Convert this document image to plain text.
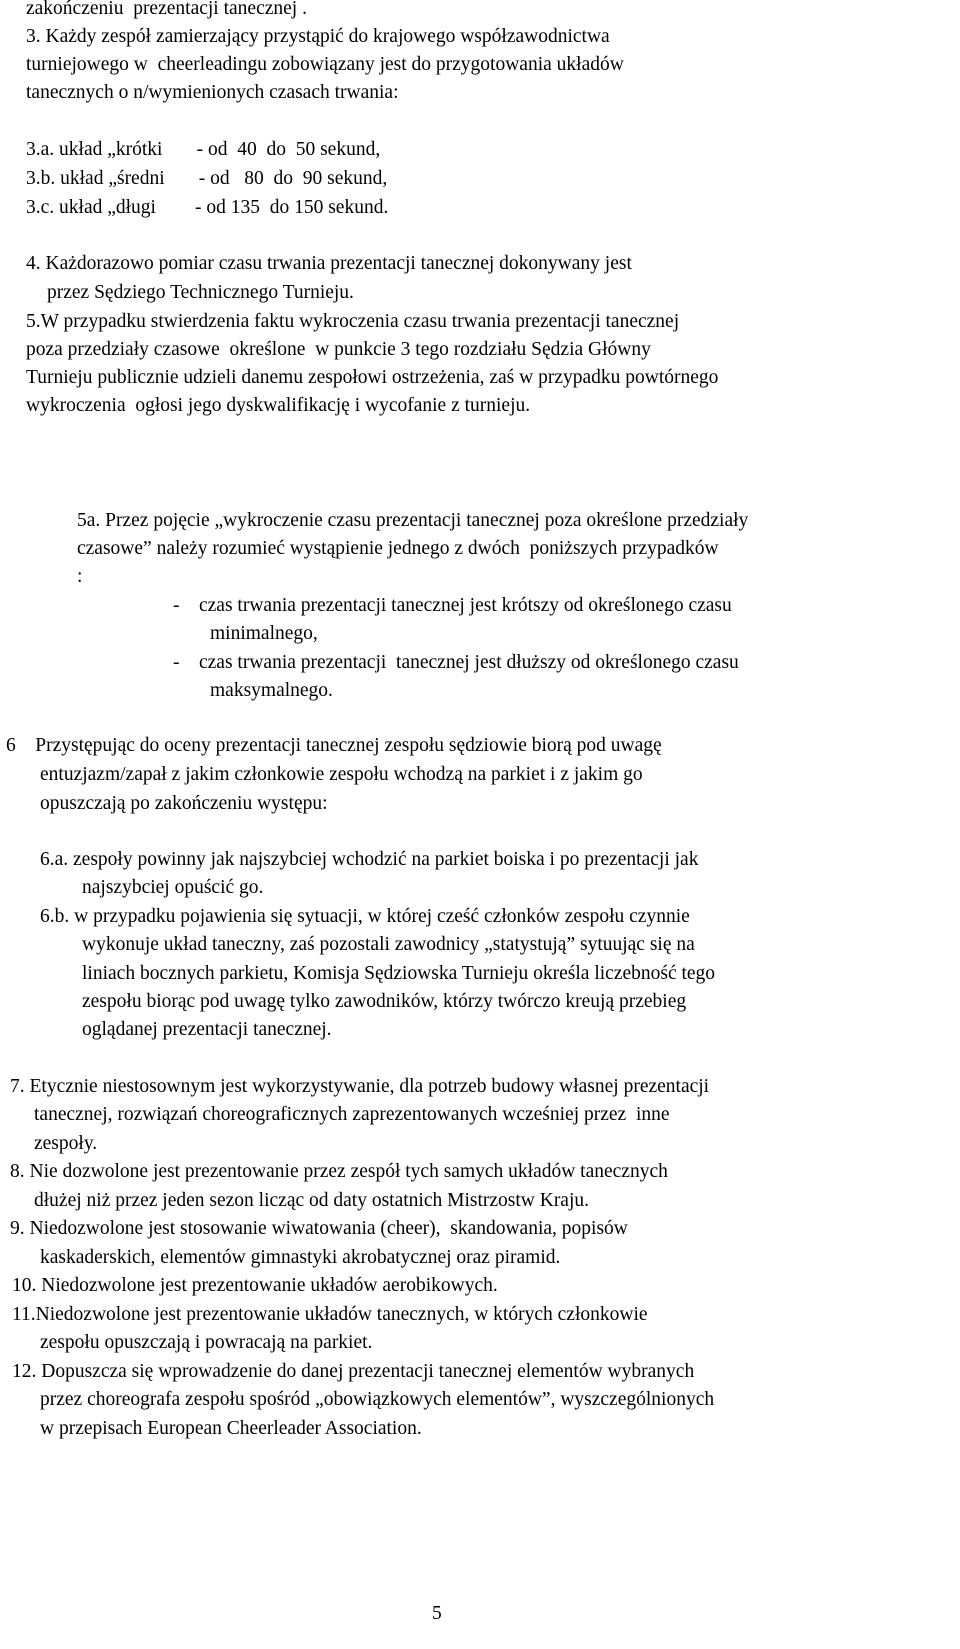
zakończeniu  prezentacji tanecznej .
3. Każdy zespół zamierzający przystąpić do krajowego współzawodnictwa
turniejowego w  cheerleadingu zobowiązany jest do przygotowania układów
tanecznych o n/wymienionych czasach trwania:
3.a. układ „krótki       - od  40  do  50 sekund,
3.b. układ „średni       - od   80  do  90 sekund,
3.c. układ „długi        - od 135  do 150 sekund.
4. Każdorazowo pomiar czasu trwania prezentacji tanecznej dokonywany jest
przez Sędziego Technicznego Turnieju.
5.W przypadku stwierdzenia faktu wykroczenia czasu trwania prezentacji tanecznej
poza przedziały czasowe  określone  w punkcie 3 tego rozdziału Sędzia Główny
Turnieju publicznie udzieli danemu zespołowi ostrzeżenia, zaś w przypadku powtórnego
wykroczenia  ogłosi jego dyskwalifikację i wycofanie z turnieju.
5a. Przez pojęcie „wykroczenie czasu prezentacji tanecznej poza określone przedziały
czasowe” należy rozumieć wystąpienie jednego z dwóch  poniższych przypadków
:
-    czas trwania prezentacji tanecznej jest krótszy od określonego czasu
minimalnego,
-    czas trwania prezentacji  tanecznej jest dłuższy od określonego czasu
maksymalnego.
6    Przystępując do oceny prezentacji tanecznej zespołu sędziowie biorą pod uwagę
entuzjazm/zapał z jakim członkowie zespołu wchodzą na parkiet i z jakim go
opuszczają po zakończeniu występu:
6.a. zespoły powinny jak najszybciej wchodzić na parkiet boiska i po prezentacji jak
najszybciej opuścić go.
6.b. w przypadku pojawienia się sytuacji, w której cześć członków zespołu czynnie
wykonuje układ taneczny, zaś pozostali zawodnicy „statystują” sytuując się na
liniach bocznych parkietu, Komisja Sędziowska Turnieju określa liczebność tego
zespołu biorąc pod uwagę tylko zawodników, którzy twórczo kreują przebieg
oglądanej prezentacji tanecznej.
7. Etycznie niestosownym jest wykorzystywanie, dla potrzeb budowy własnej prezentacji
tanecznej, rozwiązań choreograficznych zaprezentowanych wcześniej przez  inne
zespoły.
8. Nie dozwolone jest prezentowanie przez zespół tych samych układów tanecznych
dłużej niż przez jeden sezon licząc od daty ostatnich Mistrzostw Kraju.
9. Niedozwolone jest stosowanie wiwatowania (cheer),  skandowania, popisów
kaskaderskich, elementów gimnastyki akrobatycznej oraz piramid.
10. Niedozwolone jest prezentowanie układów aerobikowych.
11.Niedozwolone jest prezentowanie układów tanecznych, w których członkowie
zespołu opuszczają i powracają na parkiet.
12. Dopuszcza się wprowadzenie do danej prezentacji tanecznej elementów wybranych
przez choreografa zespołu spośród „obowiązkowych elementów”, wyszczególnionych
w przepisach European Cheerleader Association.
5
